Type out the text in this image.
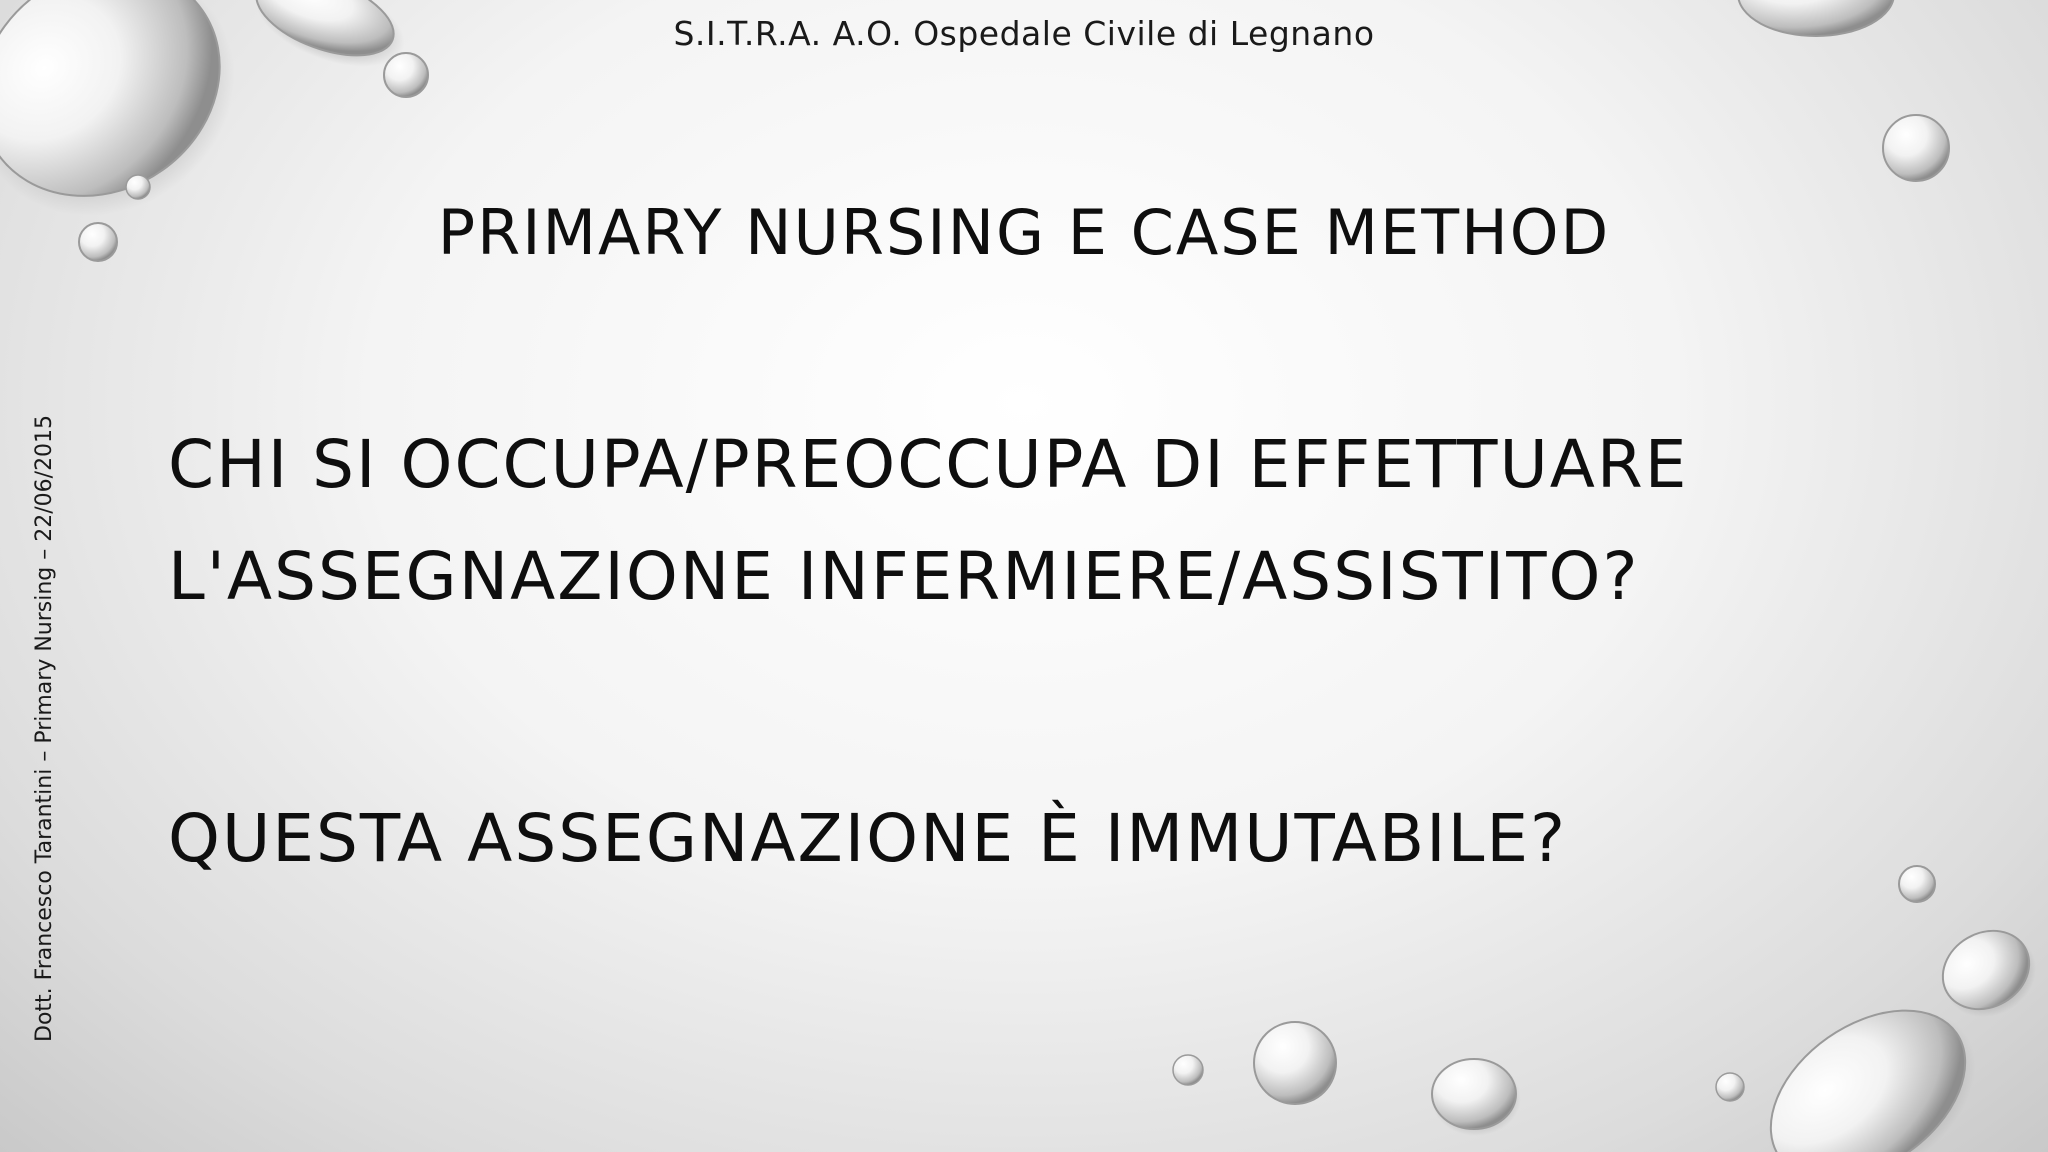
S.I.T.R.A. A.O. Ospedale Civile di Legnano
PRIMARY NURSING E CASE METHOD
CHI SI OCCUPA/PREOCCUPA DI EFFETTUARE
L'ASSEGNAZIONE INFERMIERE/ASSISTITO?
QUESTA ASSEGNAZIONE È IMMUTABILE?
Dott. Francesco Tarantini – Primary Nursing – 22/06/2015
